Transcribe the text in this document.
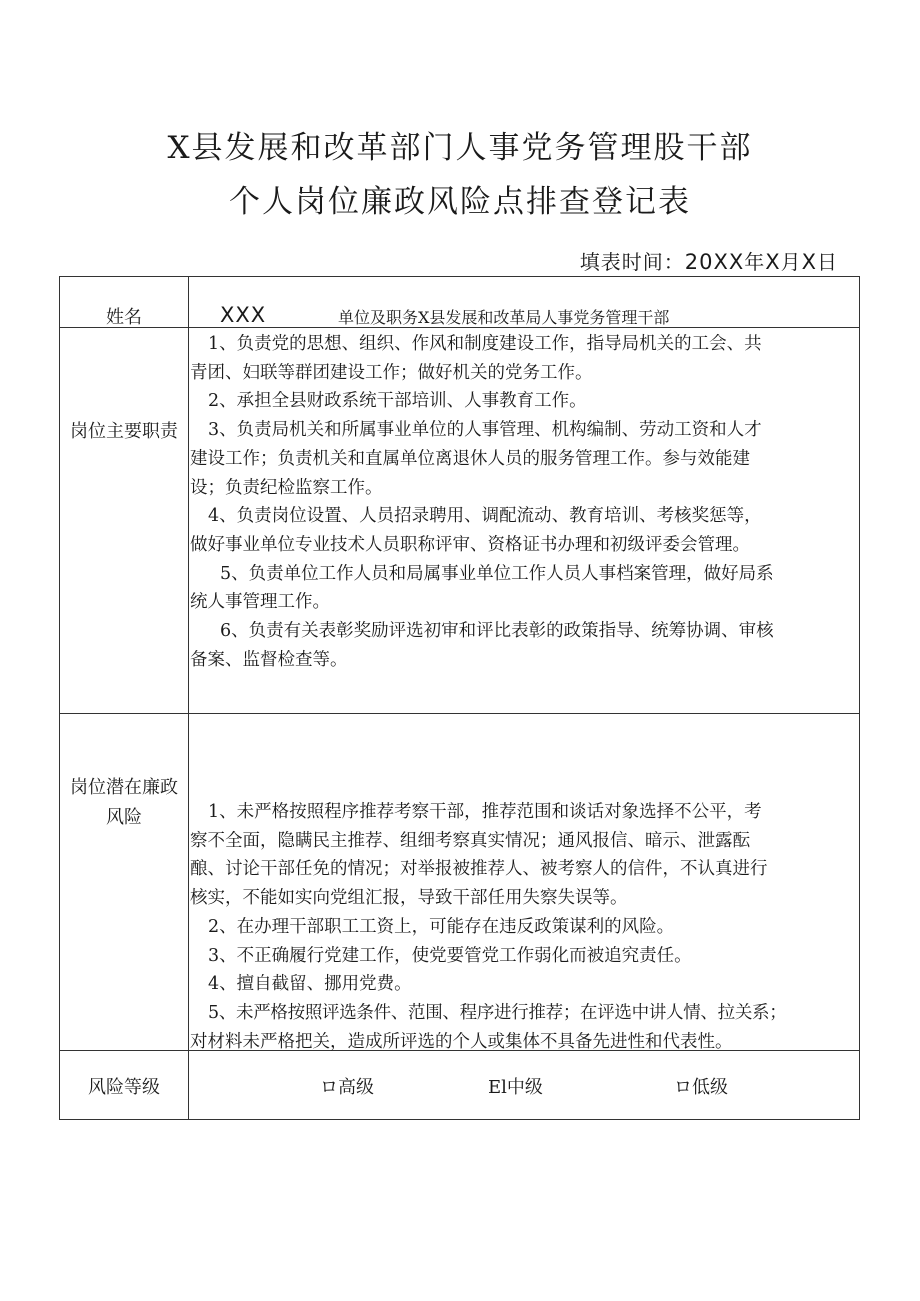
X县发展和改革部门人事党务管理股干部
个人岗位廉政风险点排查登记表
填表时间：20XX年X月X日
姓名	XXX	单位及职务X县发展和改革局人事党务管理干部
岗位主要职责
1、负责党的思想、组织、作风和制度建设工作，指导局机关的工会、共
青团、妇联等群团建设工作；做好机关的党务工作。
2、承担全县财政系统干部培训、人事教育工作。
3、负责局机关和所属事业单位的人事管理、机构编制、劳动工资和人才
建设工作；负责机关和直属单位离退休人员的服务管理工作。参与效能建
设；负责纪检监察工作。
4、负责岗位设置、人员招录聘用、调配流动、教育培训、考核奖惩等，
做好事业单位专业技术人员职称评审、资格证书办理和初级评委会管理。
5、负责单位工作人员和局属事业单位工作人员人事档案管理，做好局系
统人事管理工作。
6、负责有关表彰奖励评选初审和评比表彰的政策指导、统筹协调、审核
备案、监督检查等。
岗位潜在廉政
风险	1、未严格按照程序推荐考察干部，推荐范围和谈话对象选择不公平，考
察不全面，隐瞒民主推荐、组细考察真实情况；通风报信、暗示、泄露酝
酿、讨论干部任免的情况；对举报被推荐人、被考察人的信件，不认真进行
核实，不能如实向党组汇报，导致干部任用失察失误等。
2、在办理干部职工工资上，可能存在违反政策谋利的风险。
3、不正确履行党建工作，使党要管党工作弱化而被追究责任。
4、擅自截留、挪用党费。
5、未严格按照评选条件、范围、程序进行推荐；在评选中讲人情、拉关系；
对材料未严格把关，造成所评选的个人或集体不具备先进性和代表性。
风险等级	ロ高级	El中级	ロ低级
